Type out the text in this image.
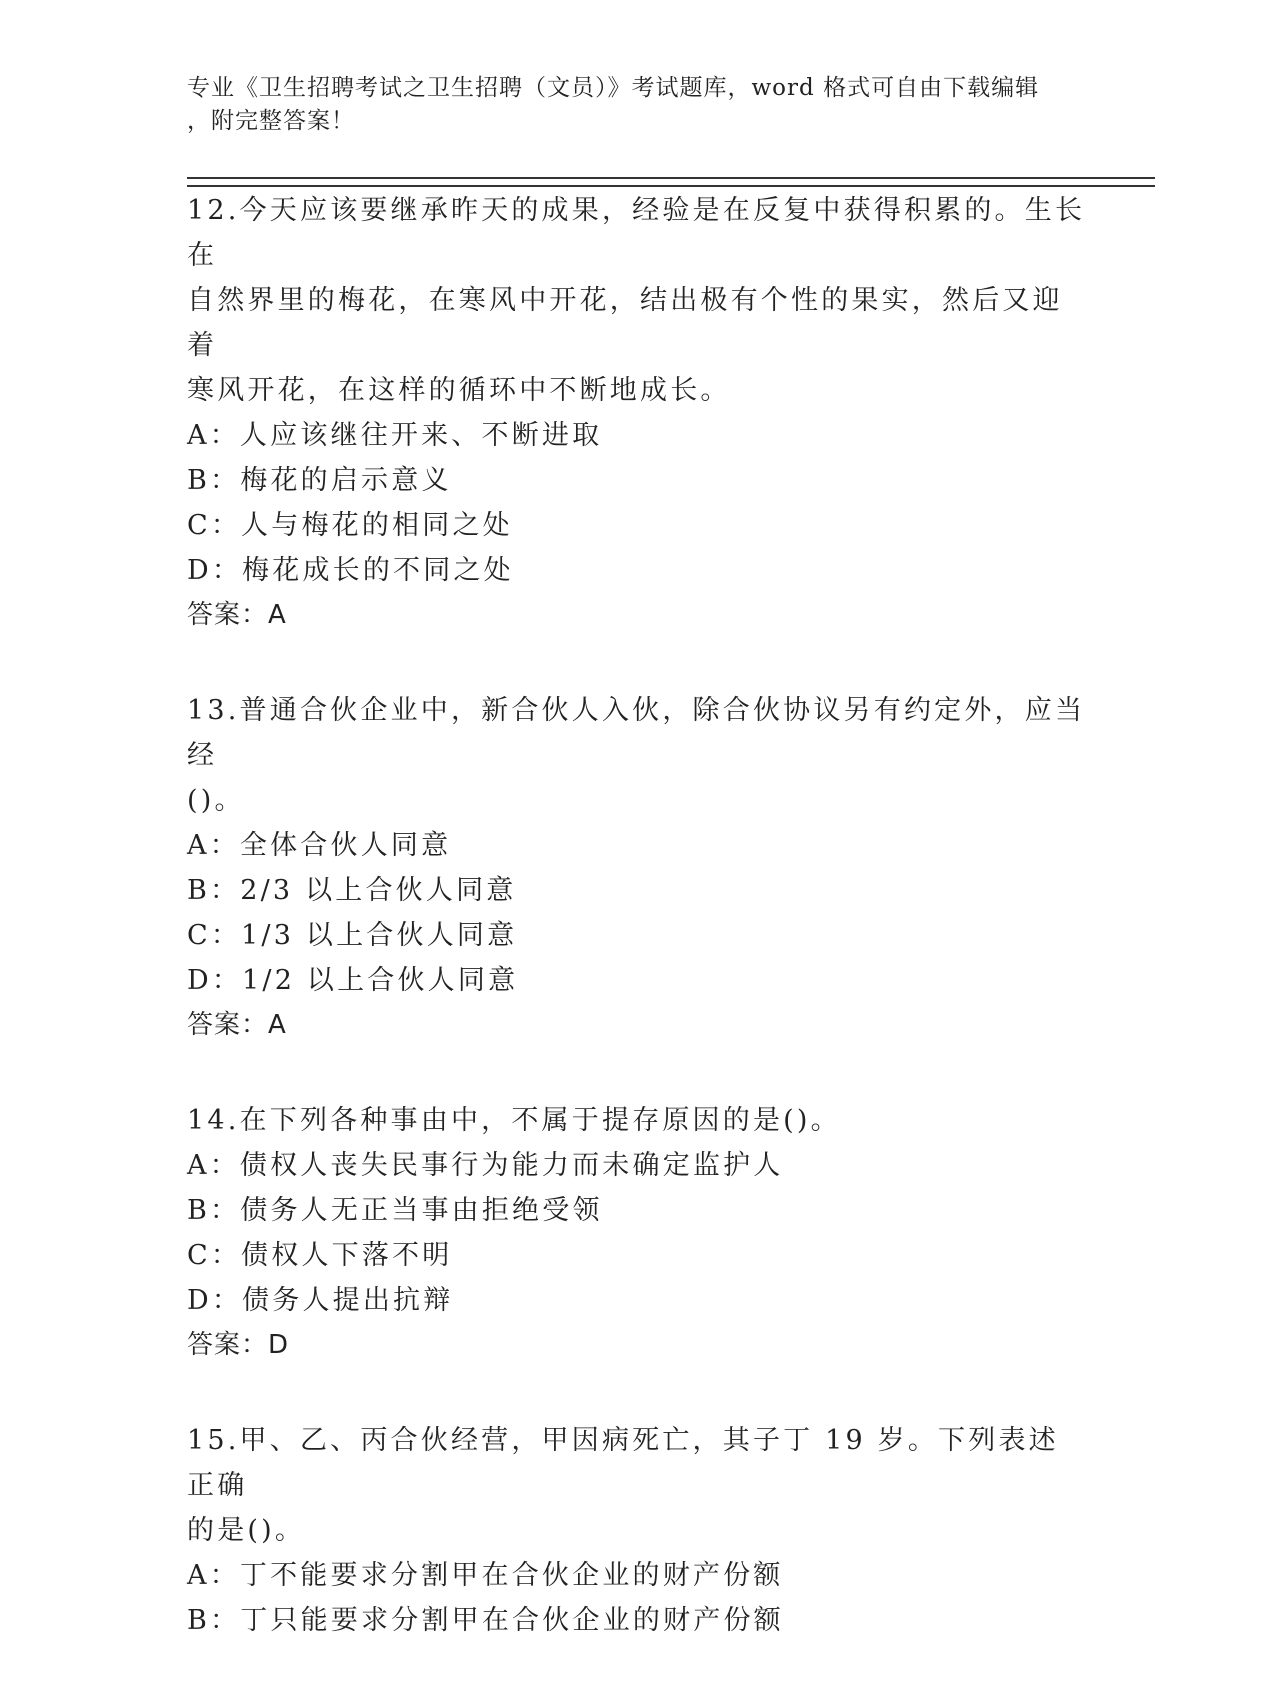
专业《卫生招聘考试之卫生招聘（文员）》考试题库，word 格式可自由下载编辑
，附完整答案！

12.今天应该要继承昨天的成果，经验是在反复中获得积累的。生长在

自然界里的梅花，在寒风中开花，结出极有个性的果实，然后又迎着

寒风开花，在这样的循环中不断地成长。

A：人应该继往开来、不断进取

B：梅花的启示意义

C：人与梅花的相同之处

D：梅花成长的不同之处

答案：A

13.普通合伙企业中，新合伙人入伙，除合伙协议另有约定外，应当经

()。

A：全体合伙人同意

B：2/3 以上合伙人同意

C：1/3 以上合伙人同意

D：1/2 以上合伙人同意

答案：A

14.在下列各种事由中，不属于提存原因的是()。

A：债权人丧失民事行为能力而未确定监护人

B：债务人无正当事由拒绝受领

C：债权人下落不明

D：债务人提出抗辩

答案：D

15.甲、乙、丙合伙经营，甲因病死亡，其子丁 19 岁。下列表述正确

的是()。

A：丁不能要求分割甲在合伙企业的财产份额

B：丁只能要求分割甲在合伙企业的财产份额
